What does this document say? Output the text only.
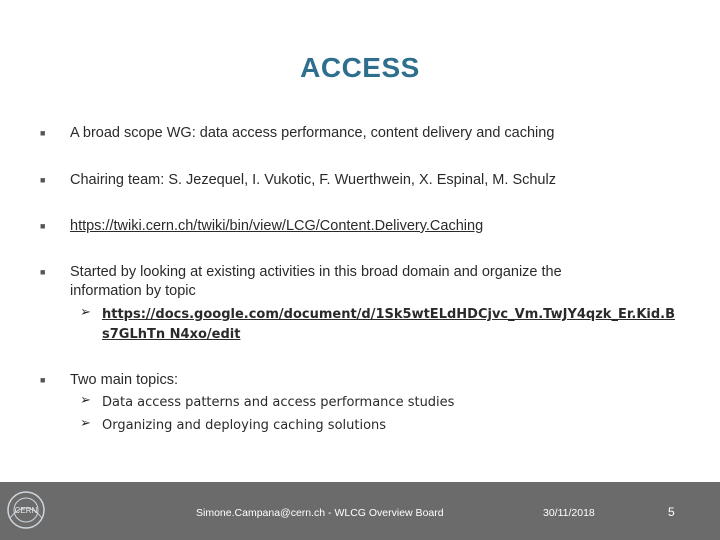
ACCESS
■	A broad scope WG: data access performance, content delivery and caching
■	Chairing team: S. Jezequel, I. Vukotic, F. Wuerthwein, X. Espinal, M. Schulz
■	https://twiki.cern.ch/twiki/bin/view/LCG/Content.Delivery.Caching
■	Started by looking at existing activities in this broad domain and organize the information by topic
➢ https://docs.google.com/document/d/1Sk5wtELdHDCjvc_Vm.TwJY4qzk_Er.Kid.Bs7GLhTn N4xo/edit
■	Two main topics:
➢ Data access patterns and access performance studies
➢ Organizing and deploying caching solutions
CERN	Simone.Campana@cern.ch - WLCG Overview Board	30/11/2018	5
